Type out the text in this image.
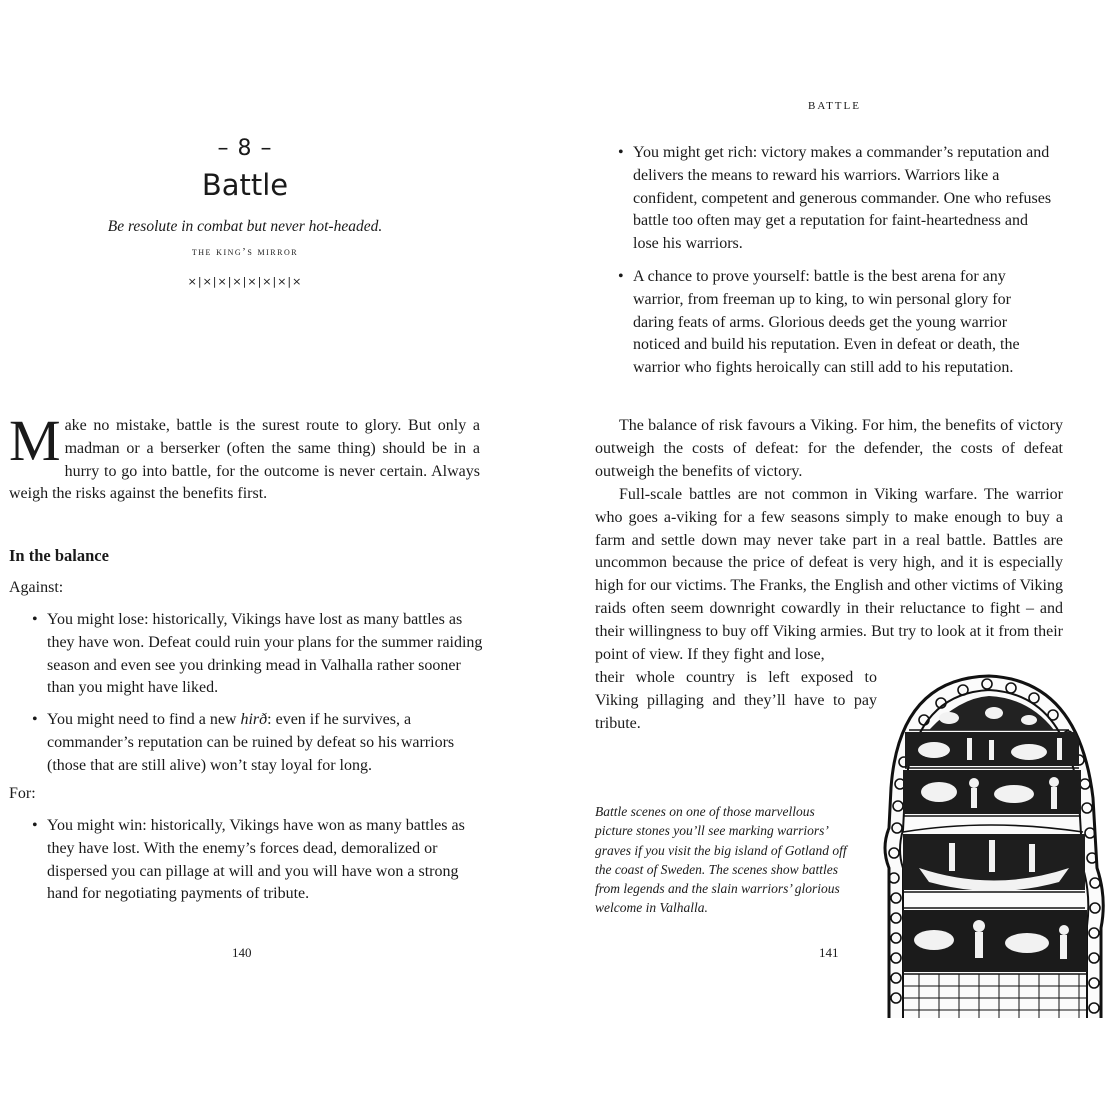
– 8 –
Battle
Be resolute in combat but never hot-headed.
the king’s mirror
×|×|×|×|×|×|×|×
Make no mistake, battle is the surest route to glory. But only a madman or a berserker (often the same thing) should be in a hurry to go into battle, for the outcome is never certain. Always weigh the risks against the benefits first.
In the balance
Against:
• You might lose: historically, Vikings have lost as many battles as they have won. Defeat could ruin your plans for the summer raiding season and even see you drinking mead in Valhalla rather sooner than you might have liked.
• You might need to find a new hirð: even if he survives, a commander’s reputation can be ruined by defeat so his warriors (those that are still alive) won’t stay loyal for long.
For:
• You might win: historically, Vikings have won as many battles as they have lost. With the enemy’s forces dead, demoralized or dispersed you can pillage at will and you will have won a strong hand for negotiating payments of tribute.
140
BATTLE
• You might get rich: victory makes a commander’s reputation and delivers the means to reward his warriors. Warriors like a confident, competent and generous commander. One who refuses battle too often may get a reputation for faint-heartedness and lose his warriors.
• A chance to prove yourself: battle is the best arena for any warrior, from freeman up to king, to win personal glory for daring feats of arms. Glorious deeds get the young warrior noticed and build his reputation. Even in defeat or death, the warrior who fights heroically can still add to his reputation.
The balance of risk favours a Viking. For him, the benefits of victory outweigh the costs of defeat: for the defender, the costs of defeat outweigh the benefits of victory.
Full-scale battles are not common in Viking warfare. The warrior who goes a-viking for a few seasons simply to make enough to buy a farm and settle down may never take part in a real battle. Battles are uncommon because the price of defeat is very high, and it is especially high for our victims. The Franks, the English and other victims of Viking raids often seem downright cowardly in their reluctance to fight – and their willingness to buy off Viking armies. But try to look at it from their point of view. If they fight and lose,
their whole country is left exposed to Viking pillaging and they’ll have to pay tribute.
Battle scenes on one of those marvellous picture stones you’ll see marking warriors’ graves if you visit the big island of Gotland off the coast of Sweden. The scenes show battles from legends and the slain warriors’ glorious welcome in Valhalla.
141
